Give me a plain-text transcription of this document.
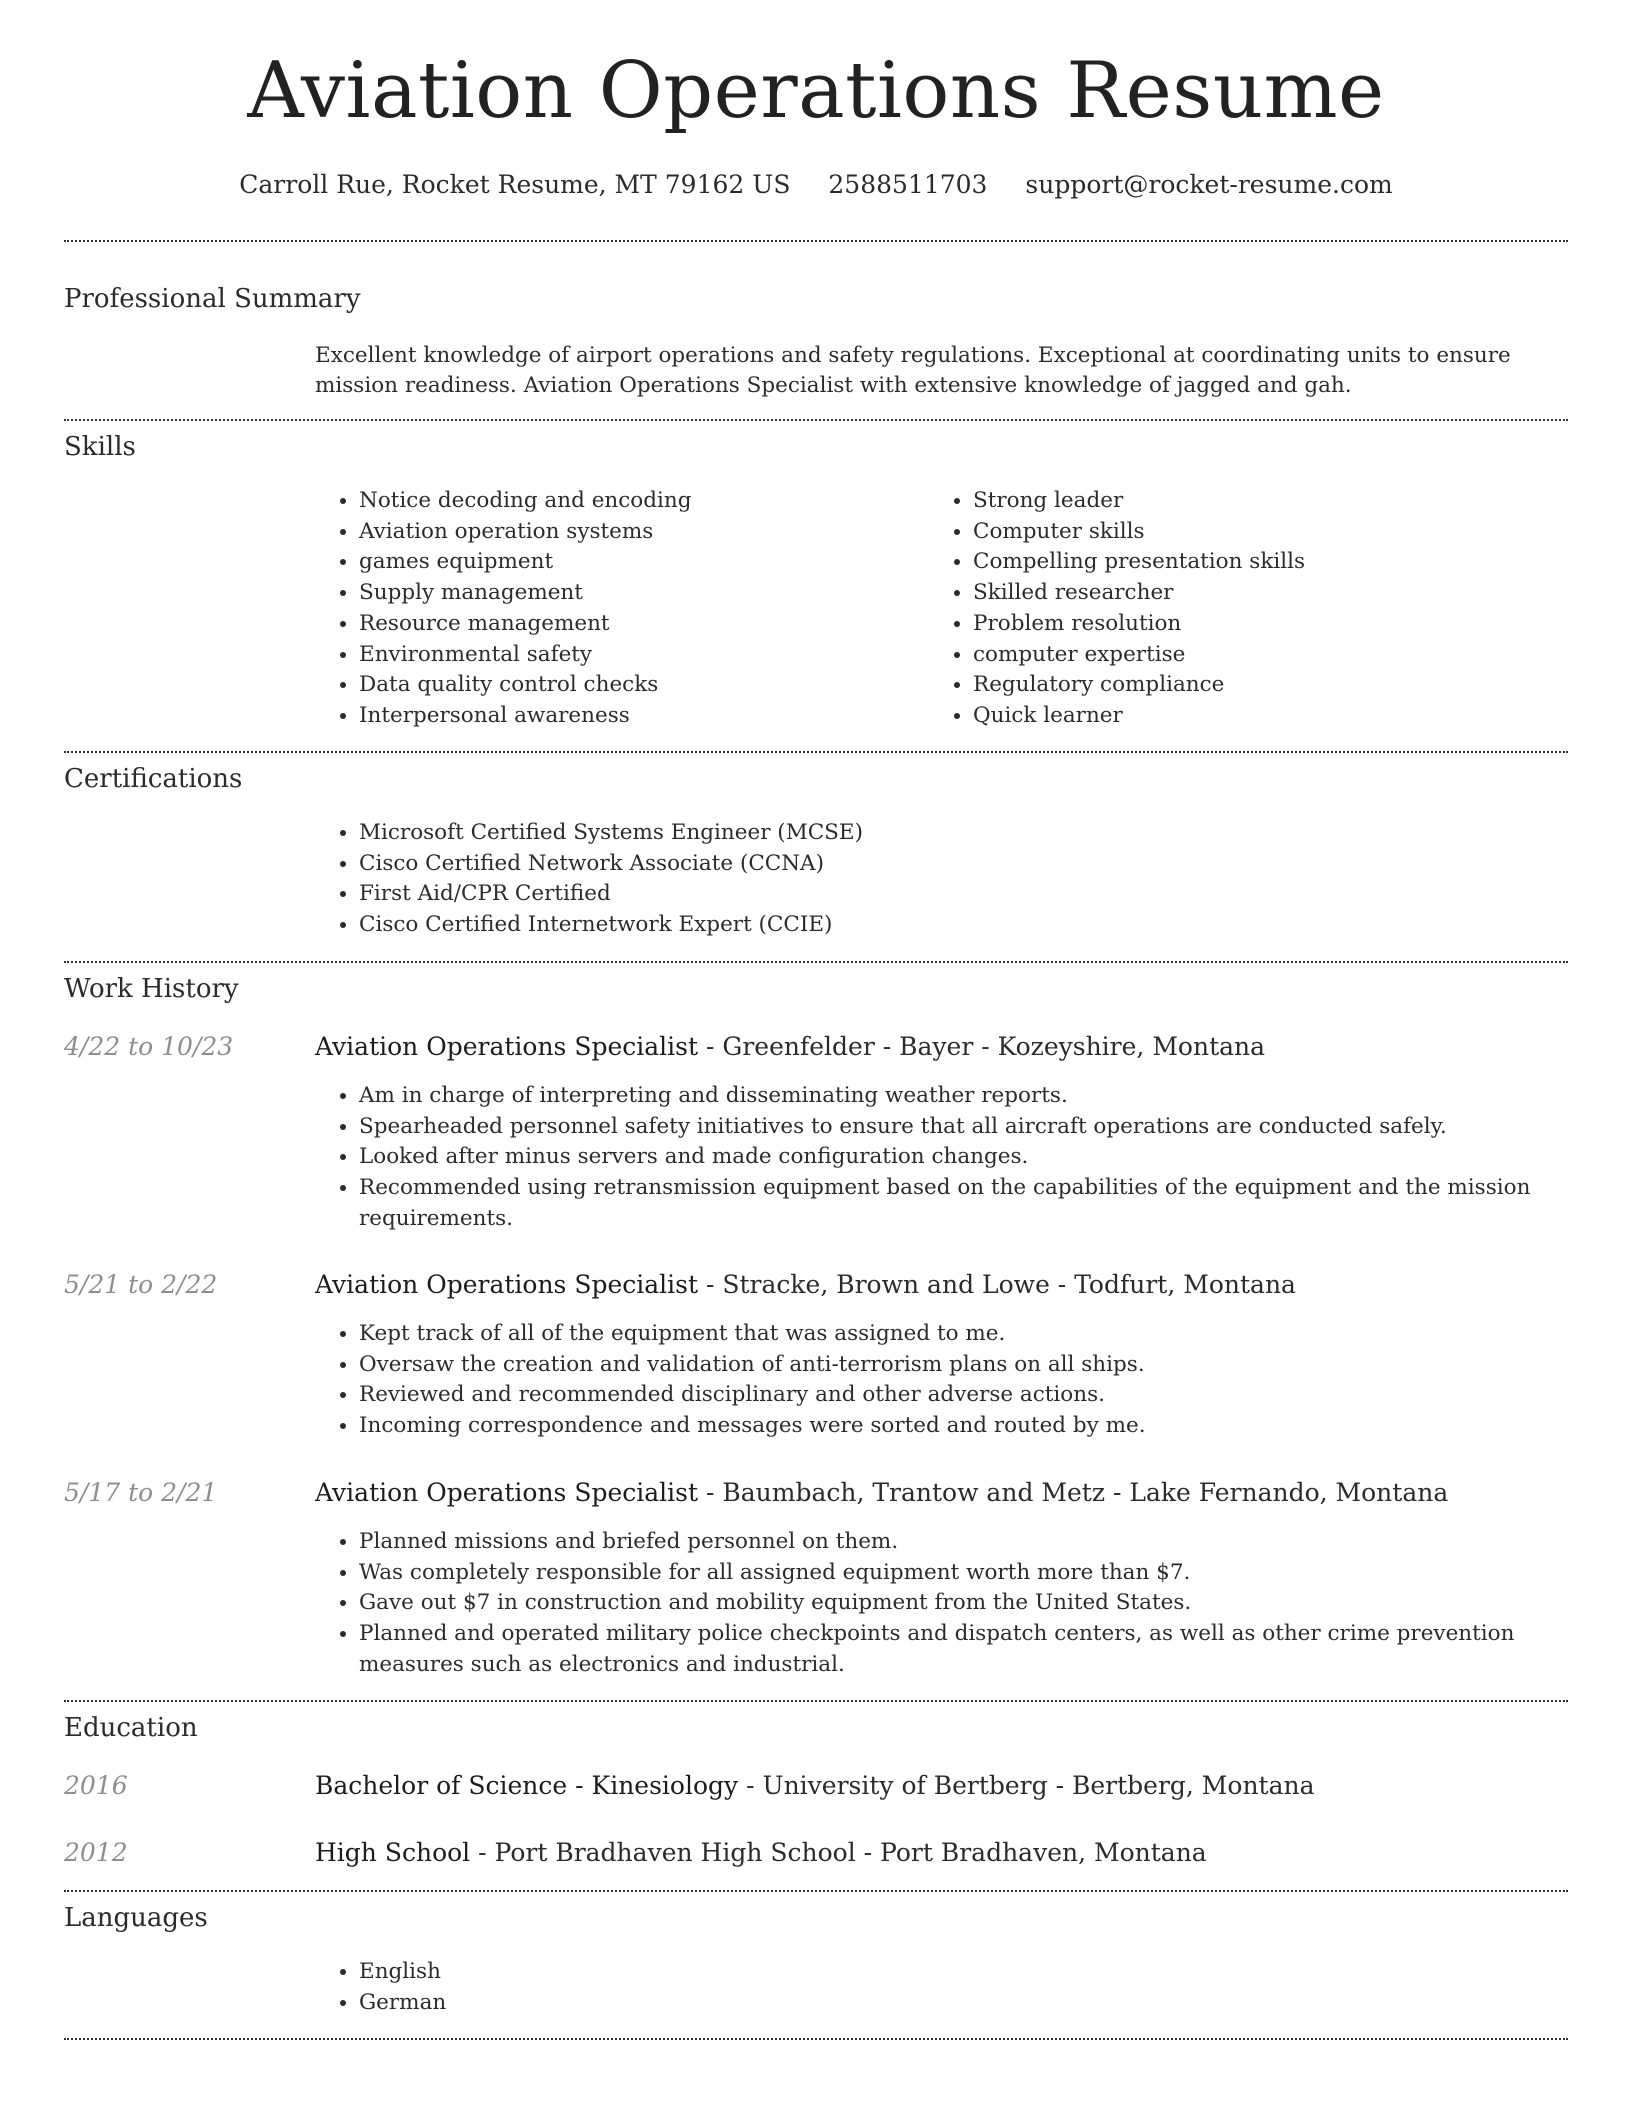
Aviation Operations Resume
Carroll Rue, Rocket Resume, MT 79162 US 2588511703 support@rocket-resume.com
Professional Summary
Excellent knowledge of airport operations and safety regulations. Exceptional at coordinating units to ensure mission readiness. Aviation Operations Specialist with extensive knowledge of jagged and gah.
Skills
• Notice decoding and encoding
• Aviation operation systems
• games equipment
• Supply management
• Resource management
• Environmental safety
• Data quality control checks
• Interpersonal awareness
• Strong leader
• Computer skills
• Compelling presentation skills
• Skilled researcher
• Problem resolution
• computer expertise
• Regulatory compliance
• Quick learner
Certifications
• Microsoft Certified Systems Engineer (MCSE)
• Cisco Certified Network Associate (CCNA)
• First Aid/CPR Certified
• Cisco Certified Internetwork Expert (CCIE)
Work History
4/22 to 10/23	Aviation Operations Specialist - Greenfelder - Bayer - Kozeyshire, Montana
• Am in charge of interpreting and disseminating weather reports.
• Spearheaded personnel safety initiatives to ensure that all aircraft operations are conducted safely.
• Looked after minus servers and made configuration changes.
• Recommended using retransmission equipment based on the capabilities of the equipment and the mission requirements.
5/21 to 2/22	Aviation Operations Specialist - Stracke, Brown and Lowe - Todfurt, Montana
• Kept track of all of the equipment that was assigned to me.
• Oversaw the creation and validation of anti-terrorism plans on all ships.
• Reviewed and recommended disciplinary and other adverse actions.
• Incoming correspondence and messages were sorted and routed by me.
5/17 to 2/21	Aviation Operations Specialist - Baumbach, Trantow and Metz - Lake Fernando, Montana
• Planned missions and briefed personnel on them.
• Was completely responsible for all assigned equipment worth more than $7.
• Gave out $7 in construction and mobility equipment from the United States.
• Planned and operated military police checkpoints and dispatch centers, as well as other crime prevention measures such as electronics and industrial.
Education
2016	Bachelor of Science - Kinesiology - University of Bertberg - Bertberg, Montana
2012	High School - Port Bradhaven High School - Port Bradhaven, Montana
Languages
• English
• German
